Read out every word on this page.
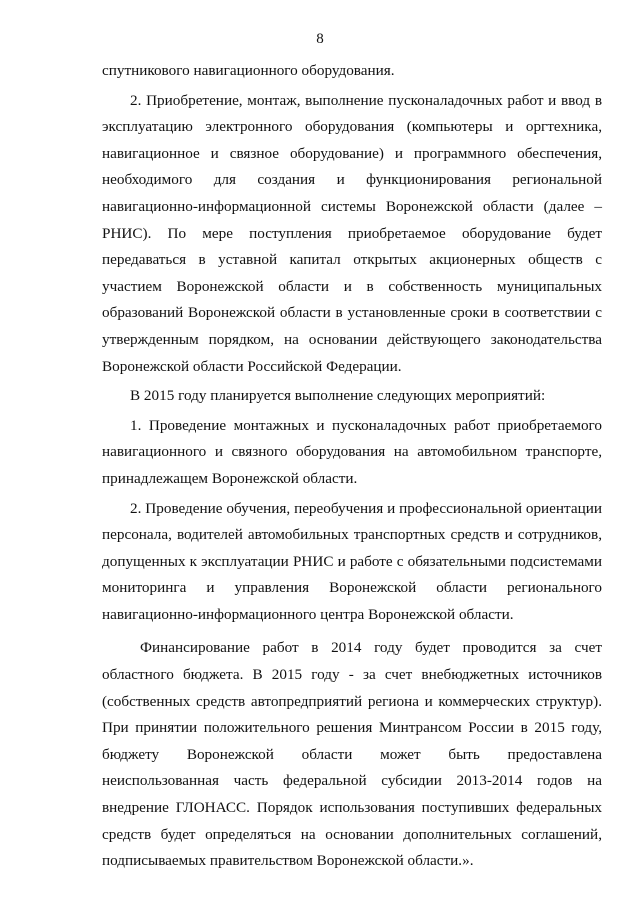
8

спутникового навигационного оборудования.

2. Приобретение, монтаж, выполнение пусконаладочных работ и ввод в эксплуатацию электронного оборудования (компьютеры и оргтехника, навигационное и связное оборудование) и программного обеспечения, необходимого для создания и функционирования региональной навигационно-информационной системы Воронежской области (далее – РНИС). По мере поступления приобретаемое оборудование будет передаваться в уставной капитал открытых акционерных обществ с участием Воронежской области и в собственность муниципальных образований Воронежской области в установленные сроки в соответствии с утвержденным порядком, на основании действующего законодательства Воронежской области Российской Федерации.

В 2015 году планируется выполнение следующих мероприятий:

1. Проведение монтажных и пусконаладочных работ приобретаемого навигационного и связного оборудования на автомобильном транспорте, принадлежащем Воронежской области.

2. Проведение обучения, переобучения и профессиональной ориентации персонала, водителей автомобильных транспортных средств и сотрудников, допущенных к эксплуатации РНИС и работе с обязательными подсистемами мониторинга и управления Воронежской области регионального навигационно-информационного центра Воронежской области.

Финансирование работ в 2014 году будет проводится за счет областного бюджета. В 2015 году - за счет внебюджетных источников (собственных средств автопредприятий региона и коммерческих структур). При принятии положительного решения Минтрансом России в 2015 году, бюджету Воронежской области может быть предоставлена неиспользованная часть федеральной субсидии 2013-2014 годов на внедрение ГЛОНАСС. Порядок использования поступивших федеральных средств будет определяться на основании дополнительных соглашений, подписываемых правительством Воронежской области.».
